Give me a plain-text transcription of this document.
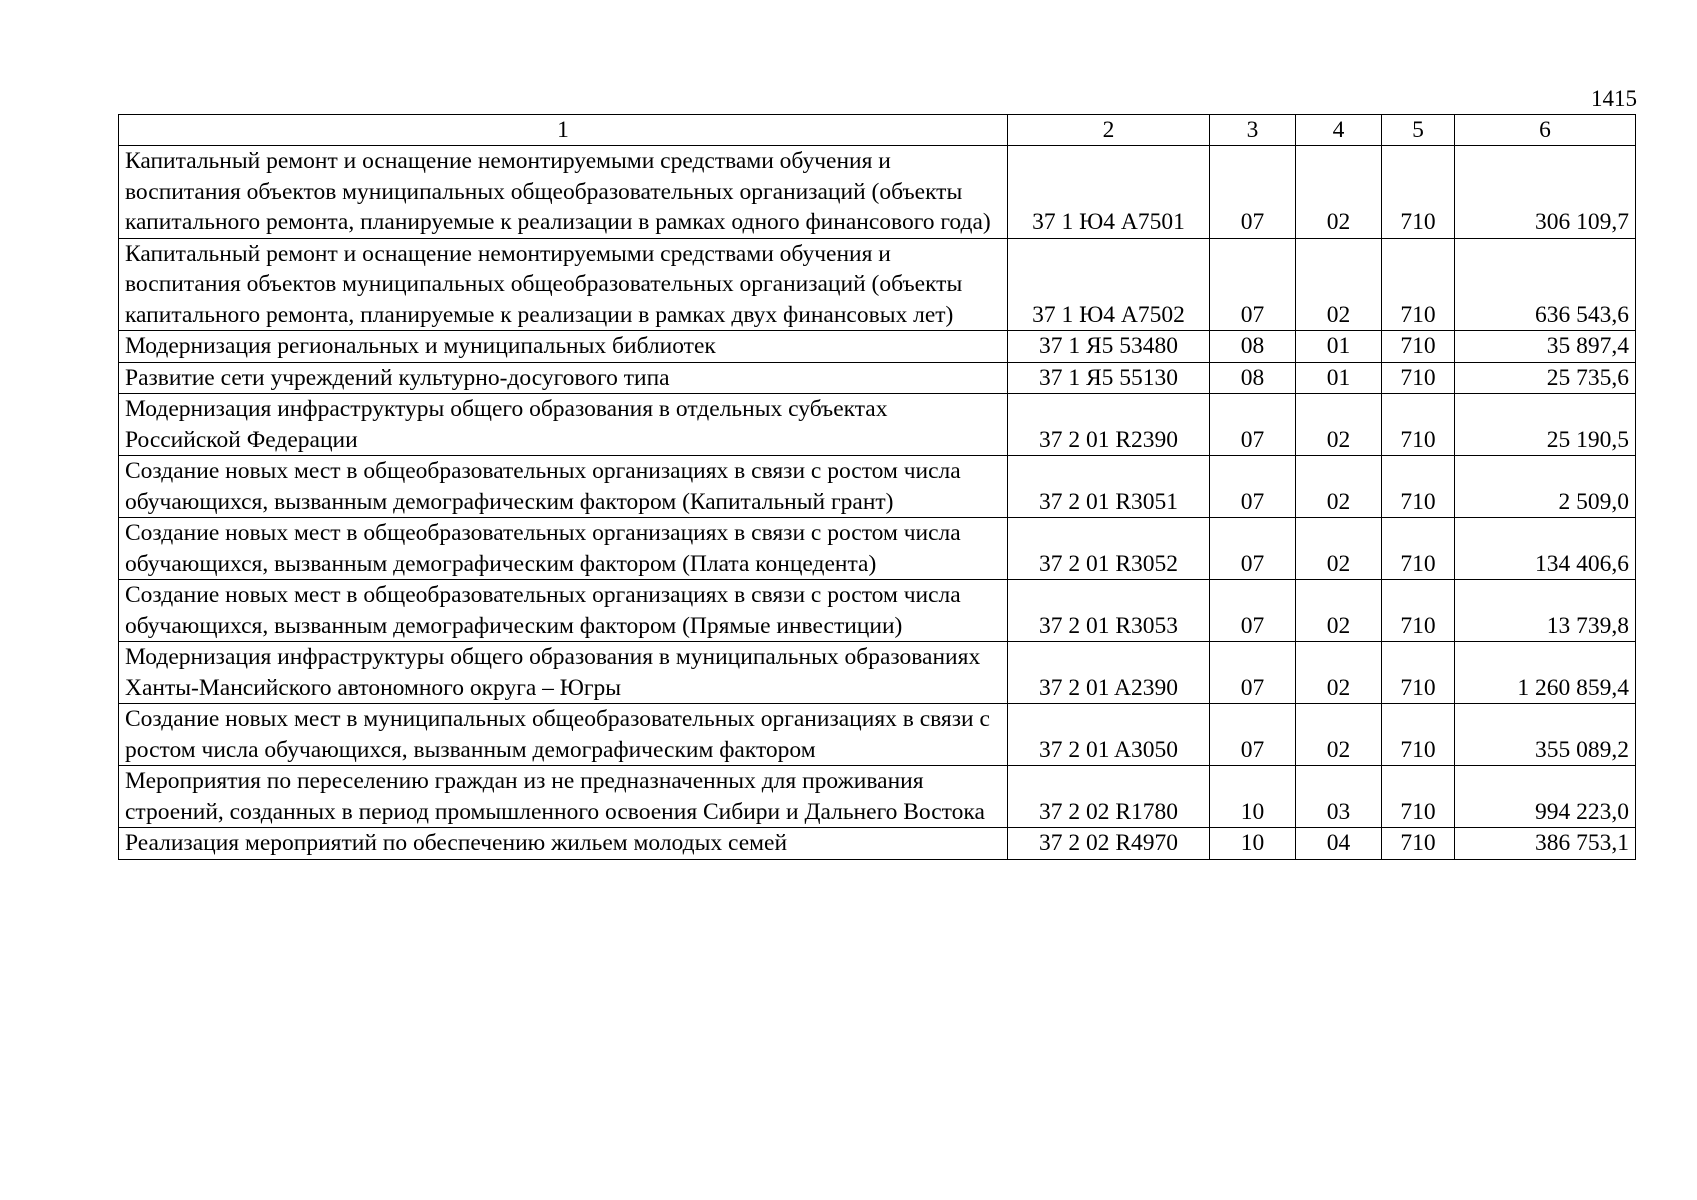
1415
1	2	3	4	5	6
Капитальный ремонт и оснащение немонтируемыми средствами обучения и воспитания объектов муниципальных общеобразовательных организаций (объекты капитального ремонта, планируемые к реализации в рамках одного финансового года)	37 1 Ю4 A7501	07	02	710	306 109,7
Капитальный ремонт и оснащение немонтируемыми средствами обучения и воспитания объектов муниципальных общеобразовательных организаций (объекты капитального ремонта, планируемые к реализации в рамках двух финансовых лет)	37 1 Ю4 A7502	07	02	710	636 543,6
Модернизация региональных и муниципальных библиотек	37 1 Я5 53480	08	01	710	35 897,4
Развитие сети учреждений культурно-досугового типа	37 1 Я5 55130	08	01	710	25 735,6
Модернизация инфраструктуры общего образования в отдельных субъектах Российской Федерации	37 2 01 R2390	07	02	710	25 190,5
Создание новых мест в общеобразовательных организациях в связи с ростом числа обучающихся, вызванным демографическим фактором (Капитальный грант)	37 2 01 R3051	07	02	710	2 509,0
Создание новых мест в общеобразовательных организациях в связи с ростом числа обучающихся, вызванным демографическим фактором (Плата концедента)	37 2 01 R3052	07	02	710	134 406,6
Создание новых мест в общеобразовательных организациях в связи с ростом числа обучающихся, вызванным демографическим фактором (Прямые инвестиции)	37 2 01 R3053	07	02	710	13 739,8
Модернизация инфраструктуры общего образования в муниципальных образованиях Ханты-Мансийского автономного округа – Югры	37 2 01 A2390	07	02	710	1 260 859,4
Создание новых мест в муниципальных общеобразовательных организациях в связи с ростом числа обучающихся, вызванным демографическим фактором	37 2 01 A3050	07	02	710	355 089,2
Мероприятия по переселению граждан из не предназначенных для проживания строений, созданных в период промышленного освоения Сибири и Дальнего Востока	37 2 02 R1780	10	03	710	994 223,0
Реализация мероприятий по обеспечению жильем молодых семей	37 2 02 R4970	10	04	710	386 753,1
